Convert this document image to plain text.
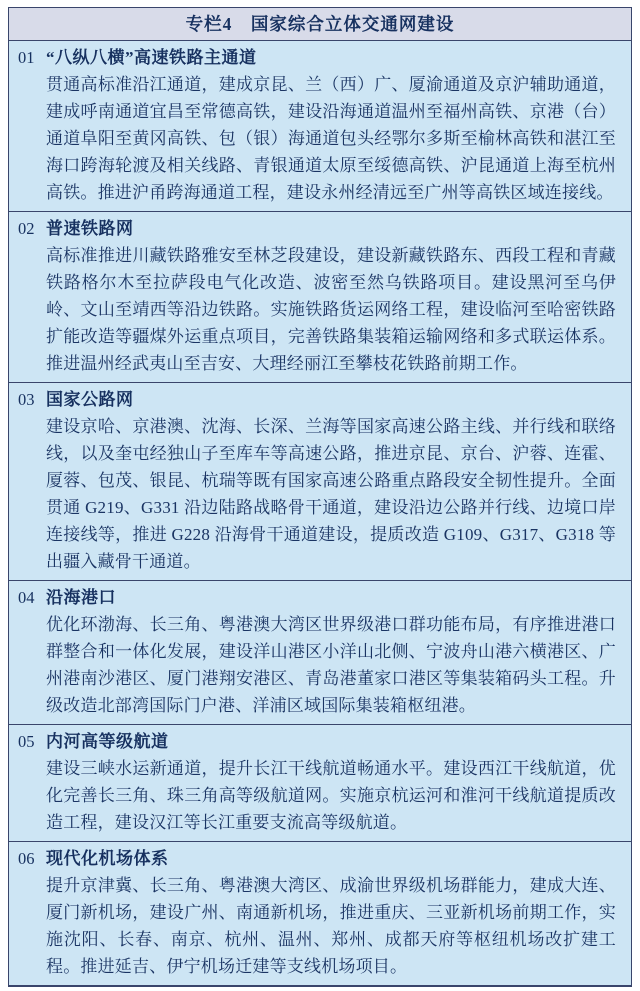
专栏4　国家综合立体交通网建设
01 “八纵八横”高速铁路主通道

贯通高标准沿江通道，建成京昆、兰（西）广、厦渝通道及京沪辅助通道，建成呼南通道宜昌至常德高铁，建设沿海通道温州至福州高铁、京港（台）通道阜阳至黄冈高铁、包（银）海通道包头经鄂尔多斯至榆林高铁和湛江至海口跨海轮渡及相关线路、青银通道太原至绥德高铁、沪昆通道上海至杭州高铁。推进沪甬跨海通道工程，建设永州经清远至广州等高铁区域连接线。

02 普速铁路网

高标准推进川藏铁路雅安至林芝段建设，建设新藏铁路东、西段工程和青藏铁路格尔木至拉萨段电气化改造、波密至然乌铁路项目。建设黑河至乌伊岭、文山至靖西等沿边铁路。实施铁路货运网络工程，建设临河至哈密铁路扩能改造等疆煤外运重点项目，完善铁路集装箱运输网络和多式联运体系。推进温州经武夷山至吉安、大理经丽江至攀枝花铁路前期工作。

03 国家公路网

建设京哈、京港澳、沈海、长深、兰海等国家高速公路主线、并行线和联络线，以及奎屯经独山子至库车等高速公路，推进京昆、京台、沪蓉、连霍、厦蓉、包茂、银昆、杭瑞等既有国家高速公路重点路段安全韧性提升。全面贯通 G219、G331 沿边陆路战略骨干通道，建设沿边公路并行线、边境口岸连接线等，推进 G228 沿海骨干通道建设，提质改造 G109、G317、G318 等出疆入藏骨干通道。

04 沿海港口

优化环渤海、长三角、粤港澳大湾区世界级港口群功能布局，有序推进港口群整合和一体化发展，建设洋山港区小洋山北侧、宁波舟山港六横港区、广州港南沙港区、厦门港翔安港区、青岛港董家口港区等集装箱码头工程。升级改造北部湾国际门户港、洋浦区域国际集装箱枢纽港。

05 内河高等级航道

建设三峡水运新通道，提升长江干线航道畅通水平。建设西江干线航道，优化完善长三角、珠三角高等级航道网。实施京杭运河和淮河干线航道提质改造工程，建设汉江等长江重要支流高等级航道。

06 现代化机场体系

提升京津冀、长三角、粤港澳大湾区、成渝世界级机场群能力，建成大连、厦门新机场，建设广州、南通新机场，推进重庆、三亚新机场前期工作，实施沈阳、长春、南京、杭州、温州、郑州、成都天府等枢纽机场改扩建工程。推进延吉、伊宁机场迁建等支线机场项目。
